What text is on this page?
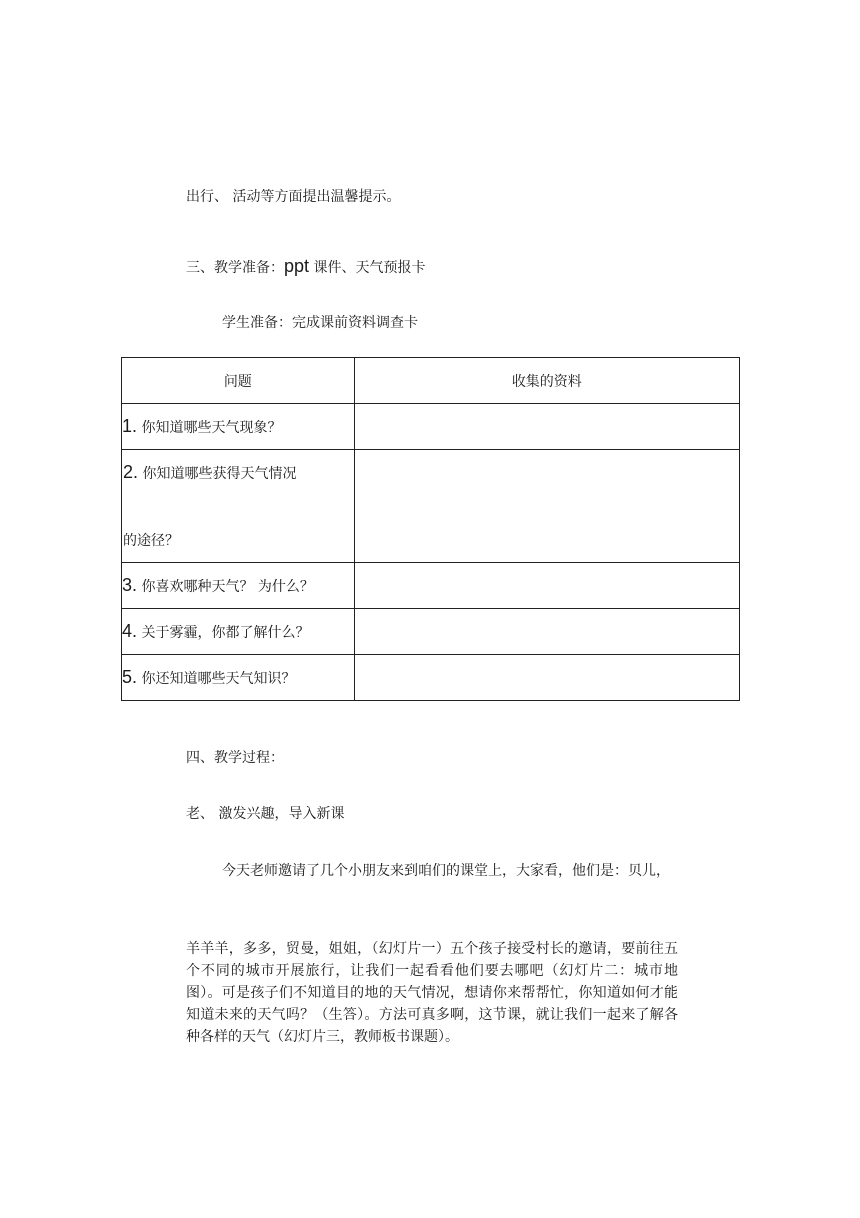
出行、 活动等方面提出温馨提示。
三、教学准备：ppt 课件、天气预报卡
学生准备：完成课前资料调查卡
问题	收集的资料
1. 你知道哪些天气现象？	

2. 你知道哪些获得天气情况
的途径？	

3. 你喜欢哪种天气？ 为什么？	
4. 关于雾霾，你都了解什么？	
5. 你还知道哪些天气知识？	
四、教学过程：
老、 激发兴趣，导入新课
今天老师邀请了几个小朋友来到咱们的课堂上，大家看，他们是：贝儿，
羊羊羊，多多，贸曼，姐姐，（幻灯片一）五个孩子接受村长的邀请，要前往五 个不同的城市开展旅行，让我们一起看看他们要去哪吧（幻灯片二：城市地 图）。可是孩子们不知道目的地的天气情况，想请你来帮帮忙，你知道如何才能 知道未来的天气吗？（生答）。方法可真多啊，这节课，就让我们一起来了解各 种各样的天气（幻灯片三，教师板书课题）。
